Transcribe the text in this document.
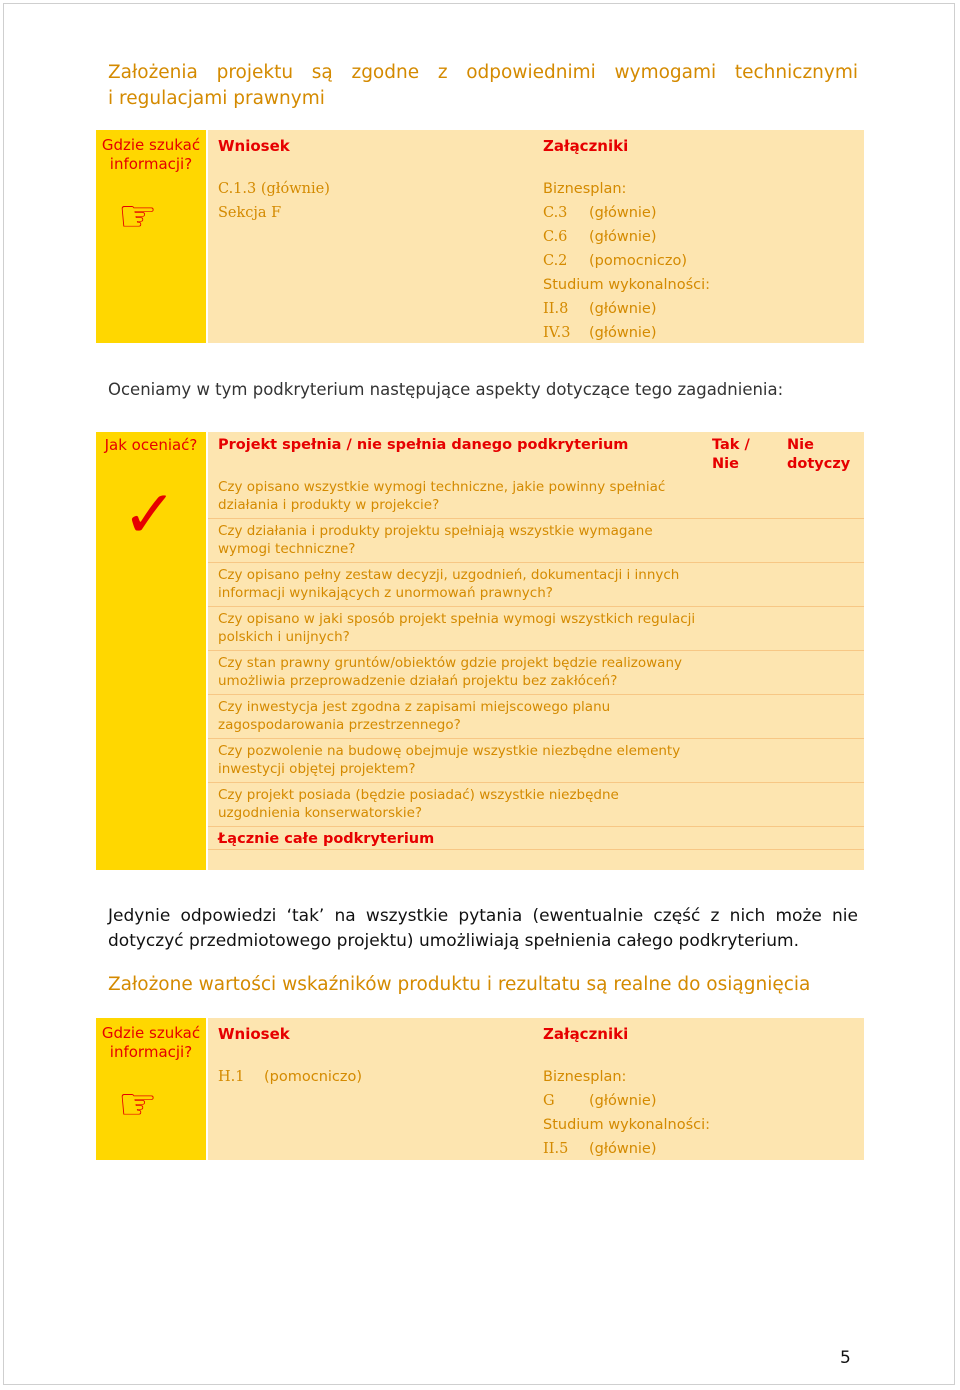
Założenia projektu są zgodne z odpowiednimi wymogami technicznymi
i regulacjami prawnymi
Gdzie szukać informacji?
☞
Wniosek
C.1.3 (głównie)
Sekcja F
Załączniki
Biznesplan:
C.3 (głównie)
C.6 (głównie)
C.2 (pomocniczo)
Studium wykonalności:
II.8 (głównie)
IV.3 (głównie)
Oceniamy w tym podkryterium następujące aspekty dotyczące tego zagadnienia:
Jak oceniać?
✓
Projekt spełnia / nie spełnia danego podkryterium	Tak / Nie
Nie dotyczy
Czy opisano wszystkie wymogi techniczne, jakie powinny spełniać działania i produkty w projekcie?
Czy działania i produkty projektu spełniają wszystkie wymagane wymogi techniczne?
Czy opisano pełny zestaw decyzji, uzgodnień, dokumentacji i innych informacji wynikających z unormowań prawnych?
Czy opisano w jaki sposób projekt spełnia wymogi wszystkich regulacji polskich i unijnych?
Czy stan prawny gruntów/obiektów gdzie projekt będzie realizowany umożliwia przeprowadzenie działań projektu bez zakłóceń?
Czy inwestycja jest zgodna z zapisami miejscowego planu zagospodarowania przestrzennego?
Czy pozwolenie na budowę obejmuje wszystkie niezbędne elementy inwestycji objętej projektem?
Czy projekt posiada (będzie posiadać) wszystkie niezbędne uzgodnienia konserwatorskie?
Łącznie całe podkryterium
Jedynie odpowiedzi ‘tak’ na wszystkie pytania (ewentualnie część z nich może nie
dotyczyć przedmiotowego projektu) umożliwiają spełnienia całego podkryterium.
Założone wartości wskaźników produktu i rezultatu są realne do osiągnięcia
Gdzie szukać informacji?
☞
Wniosek
H.1 (pomocniczo)
Załączniki
Biznesplan:
G (głównie)
Studium wykonalności:
II.5 (głównie)
5
